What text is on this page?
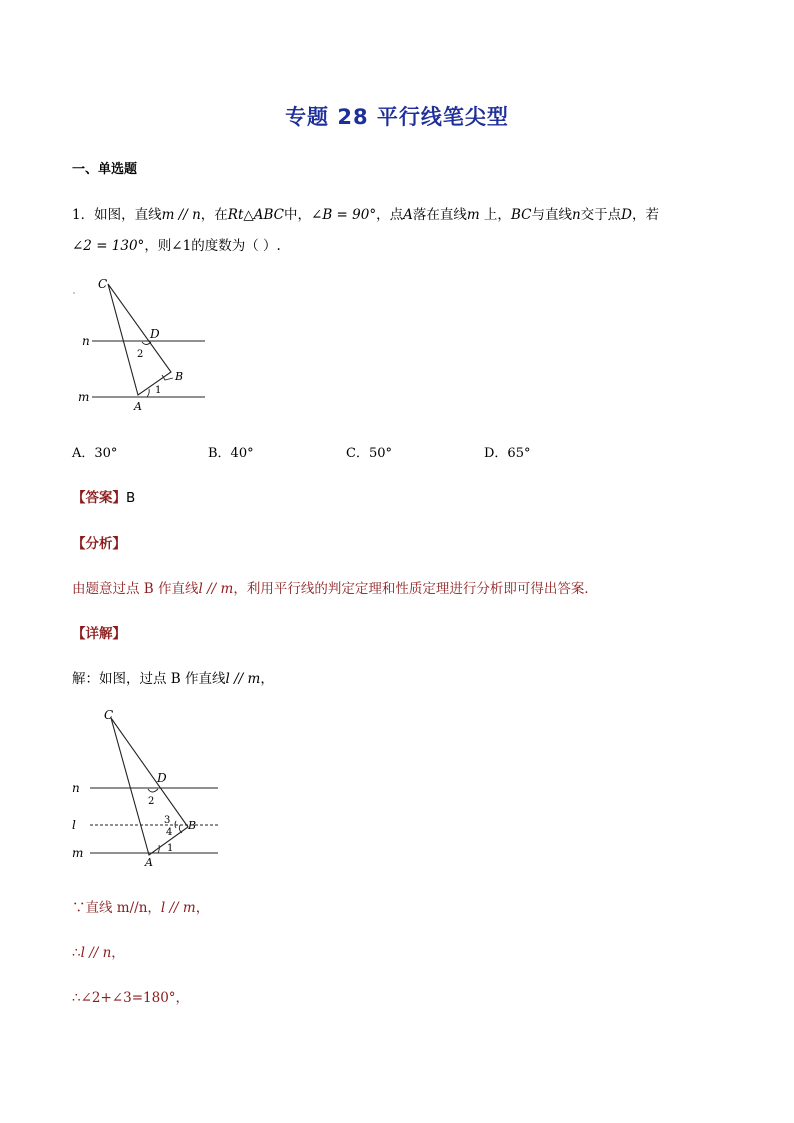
专题 28 平行线笔尖型
一、单选题
1．如图，直线m // n，在Rt△ABC中，∠B = 90°，点A落在直线m 上，BC与直线n交于点D，若
∠2 = 130°，则∠1的度数为（ ）.
C
D
B
A
n
m	1
2
A．30°	B．40°	C．50°	D．65°
【答案】B
【分析】
由题意过点 B 作直线l // m，利用平行线的判定定理和性质定理进行分析即可得出答案．
【详解】
解：如图，过点 B 作直线l // m，
C
D
B
A
n
l
m	1
2
3
4
∵直线 m//n，l // m，
∴l // n，
∴∠2+∠3=180°，
